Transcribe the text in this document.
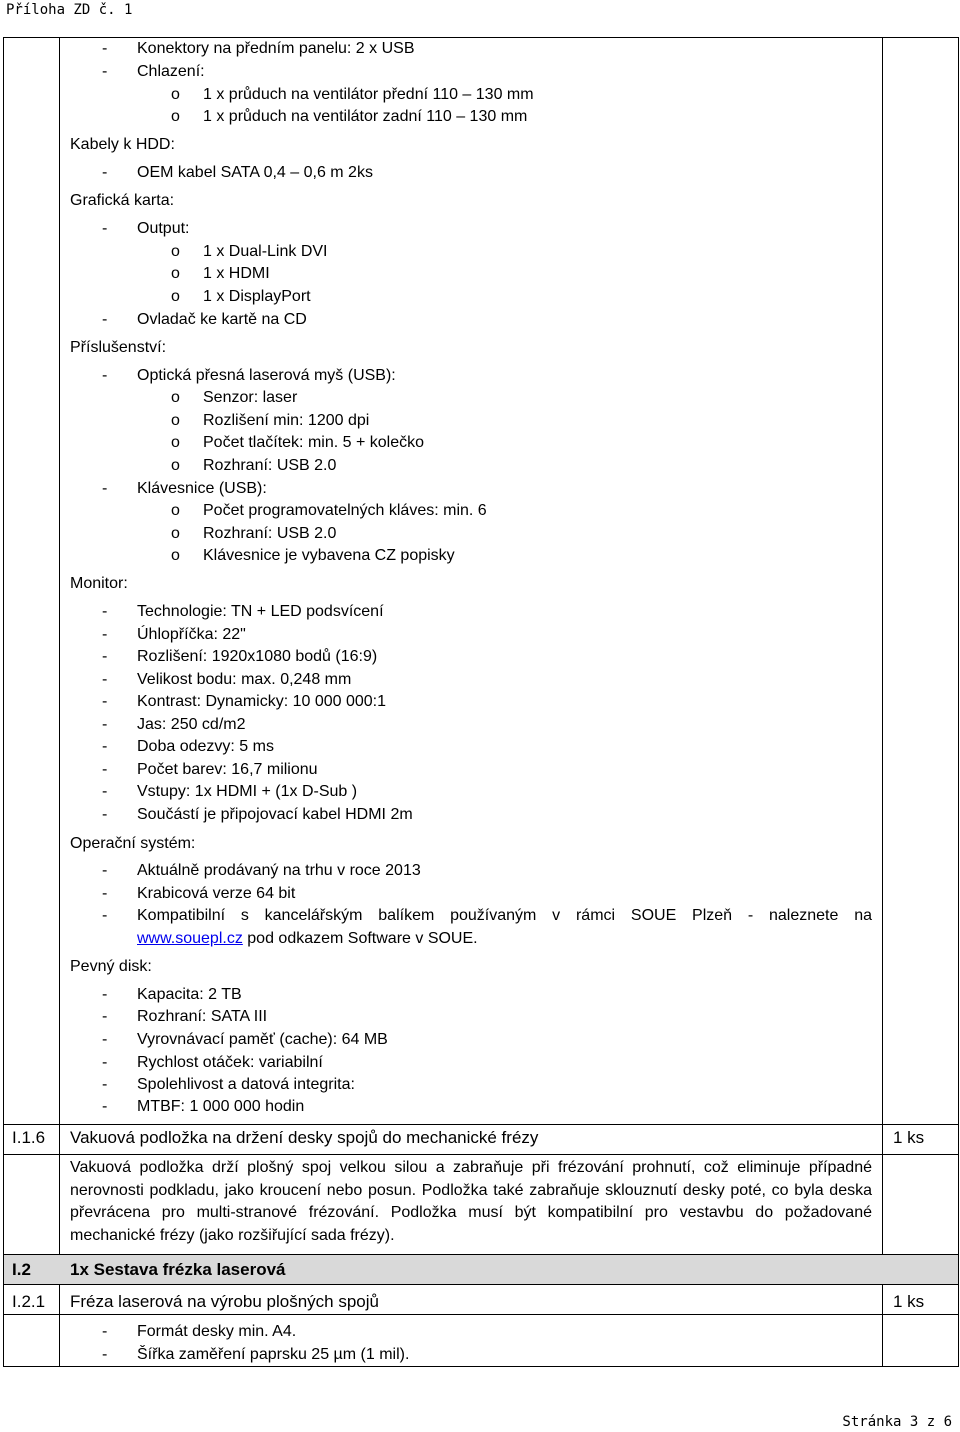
Příloha ZD č. 1
Stránka 3 z 6
- Konektory na předním panelu: 2 x USB
- Chlazení:
o 1 x průduch na ventilátor přední 110 – 130 mm
o 1 x průduch na ventilátor zadní 110 – 130 mm
Kabely k HDD:
- OEM kabel SATA 0,4 – 0,6 m 2ks
Grafická karta:
- Output:
o 1 x Dual-Link DVI
o 1 x HDMI
o 1 x DisplayPort
- Ovladač ke kartě na CD
Příslušenství:
- Optická přesná laserová myš (USB):
o Senzor: laser
o Rozlišení min: 1200 dpi
o Počet tlačítek: min. 5 + kolečko
o Rozhraní: USB 2.0
- Klávesnice (USB):
o Počet programovatelných kláves: min. 6
o Rozhraní: USB 2.0
o Klávesnice je vybavena CZ popisky
Monitor:
- Technologie: TN + LED podsvícení
- Úhlopříčka: 22"
- Rozlišení: 1920x1080 bodů (16:9)
- Velikost bodu: max. 0,248 mm
- Kontrast: Dynamicky: 10 000 000:1
- Jas: 250 cd/m2
- Doba odezvy: 5 ms
- Počet barev: 16,7 milionu
- Vstupy: 1x HDMI + (1x D-Sub )
- Součástí je připojovací kabel HDMI 2m
Operační systém:
- Aktuálně prodávaný na trhu v roce 2013
- Krabicová verze 64 bit
- Kompatibilní s kancelářským balíkem používaným v rámci SOUE Plzeň - naleznete na
www.souepl.cz pod odkazem Software v SOUE.
Pevný disk:
- Kapacita: 2 TB
- Rozhraní: SATA III
- Vyrovnávací paměť (cache): 64 MB
- Rychlost otáček: variabilní
- Spolehlivost a datová integrita:
- MTBF: 1 000 000 hodin
I.1.6 Vakuová podložka na držení desky spojů do mechanické frézy	1 ks
Vakuová podložka drží plošný spoj velkou silou a zabraňuje při frézování prohnutí, což eliminuje případné nerovnosti podkladu, jako kroucení nebo posun. Podložka také zabraňuje sklouznutí desky poté, co byla deska převrácena pro multi-stranové frézování. Podložka musí být kompatibilní pro vestavbu do požadované mechanické frézy (jako rozšiřující sada frézy).
I.2 1x Sestava frézka laserová
I.2.1 Fréza laserová na výrobu plošných spojů	1 ks
- Formát desky min. A4.
- Šířka zaměření paprsku 25 µm (1 mil).
